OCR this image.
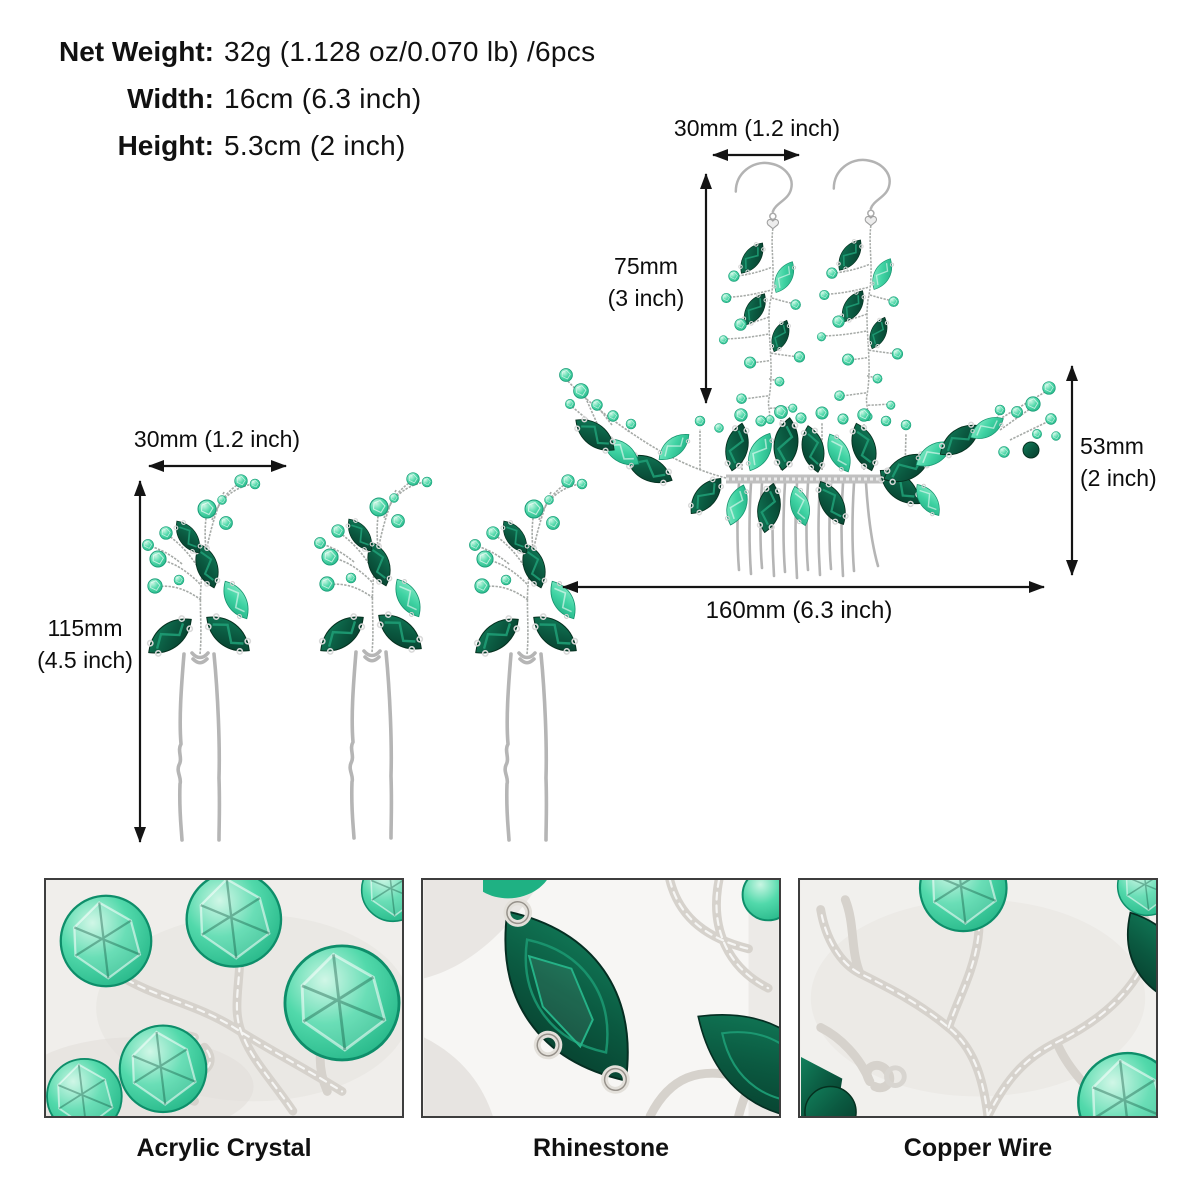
Net Weight: 32g (1.128 oz/0.070 lb) /6pcs
Width: 16cm (6.3 inch)
Height: 5.3cm (2 inch)
30mm (1.2 inch)
75mm
(3 inch)
30mm (1.2 inch)
115mm
(4.5 inch)
53mm
(2 inch)
160mm (6.3 inch)
Acrylic Crystal	Rhinestone	Copper Wire
